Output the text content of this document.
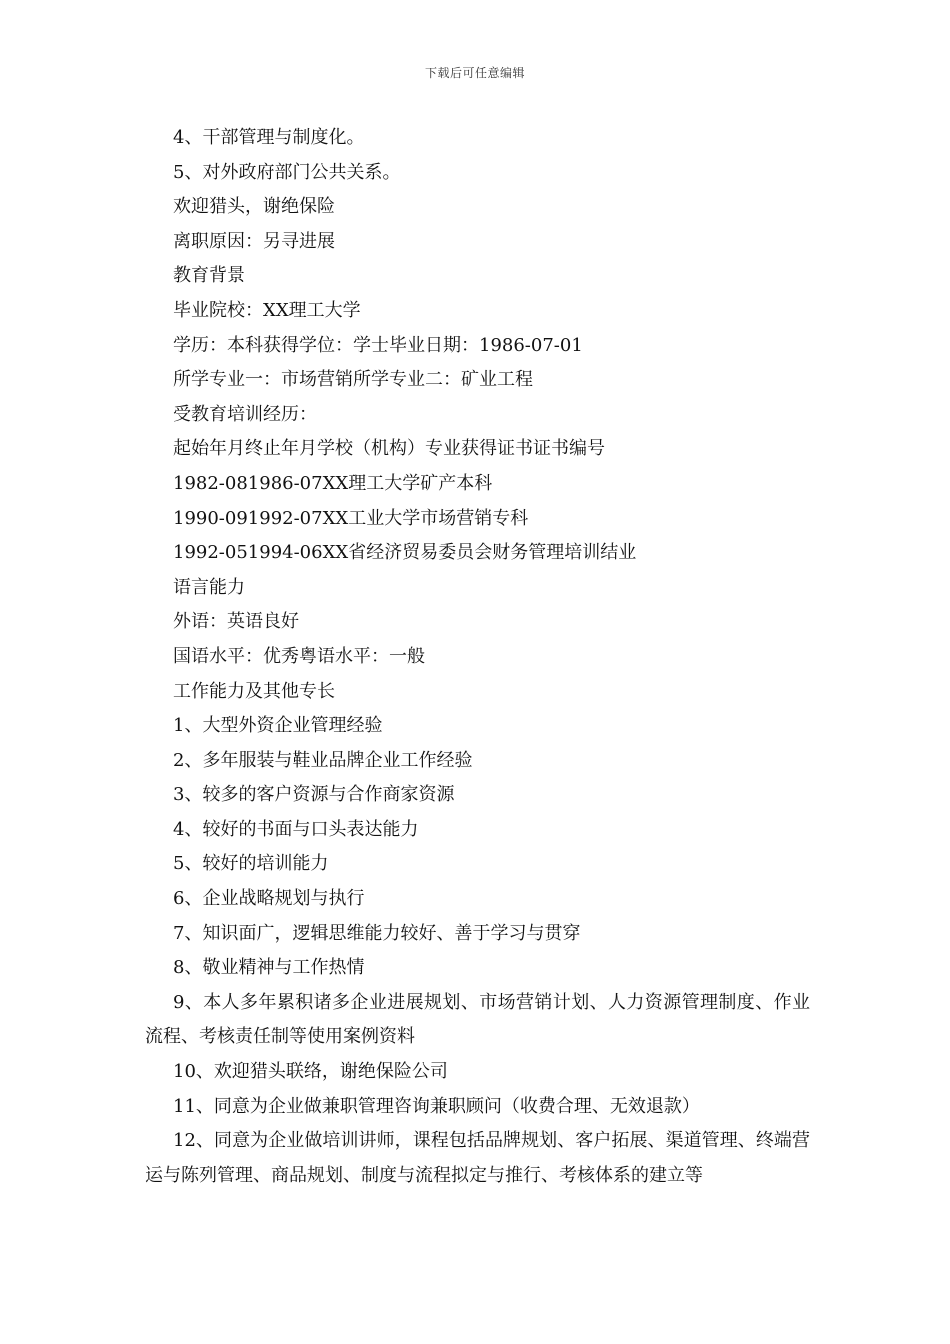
下载后可任意编辑
4、干部管理与制度化。
5、对外政府部门公共关系。
欢迎猎头，谢绝保险
离职原因：另寻进展
教育背景
毕业院校：XX理工大学
学历：本科获得学位：学士毕业日期：1986-07-01
所学专业一：市场营销所学专业二：矿业工程
受教育培训经历：
起始年月终止年月学校（机构）专业获得证书证书编号
1982-081986-07XX理工大学矿产本科
1990-091992-07XX工业大学市场营销专科
1992-051994-06XX省经济贸易委员会财务管理培训结业
语言能力
外语：英语良好
国语水平：优秀粤语水平：一般
工作能力及其他专长
1、大型外资企业管理经验
2、多年服装与鞋业品牌企业工作经验
3、较多的客户资源与合作商家资源
4、较好的书面与口头表达能力
5、较好的培训能力
6、企业战略规划与执行
7、知识面广，逻辑思维能力较好、善于学习与贯穿
8、敬业精神与工作热情
9、本人多年累积诸多企业进展规划、市场营销计划、人力资源管理制度、作业流程、考核责任制等使用案例资料
10、欢迎猎头联络，谢绝保险公司
11、同意为企业做兼职管理咨询兼职顾问（收费合理、无效退款）
12、同意为企业做培训讲师，课程包括品牌规划、客户拓展、渠道管理、终端营运与陈列管理、商品规划、制度与流程拟定与推行、考核体系的建立等
